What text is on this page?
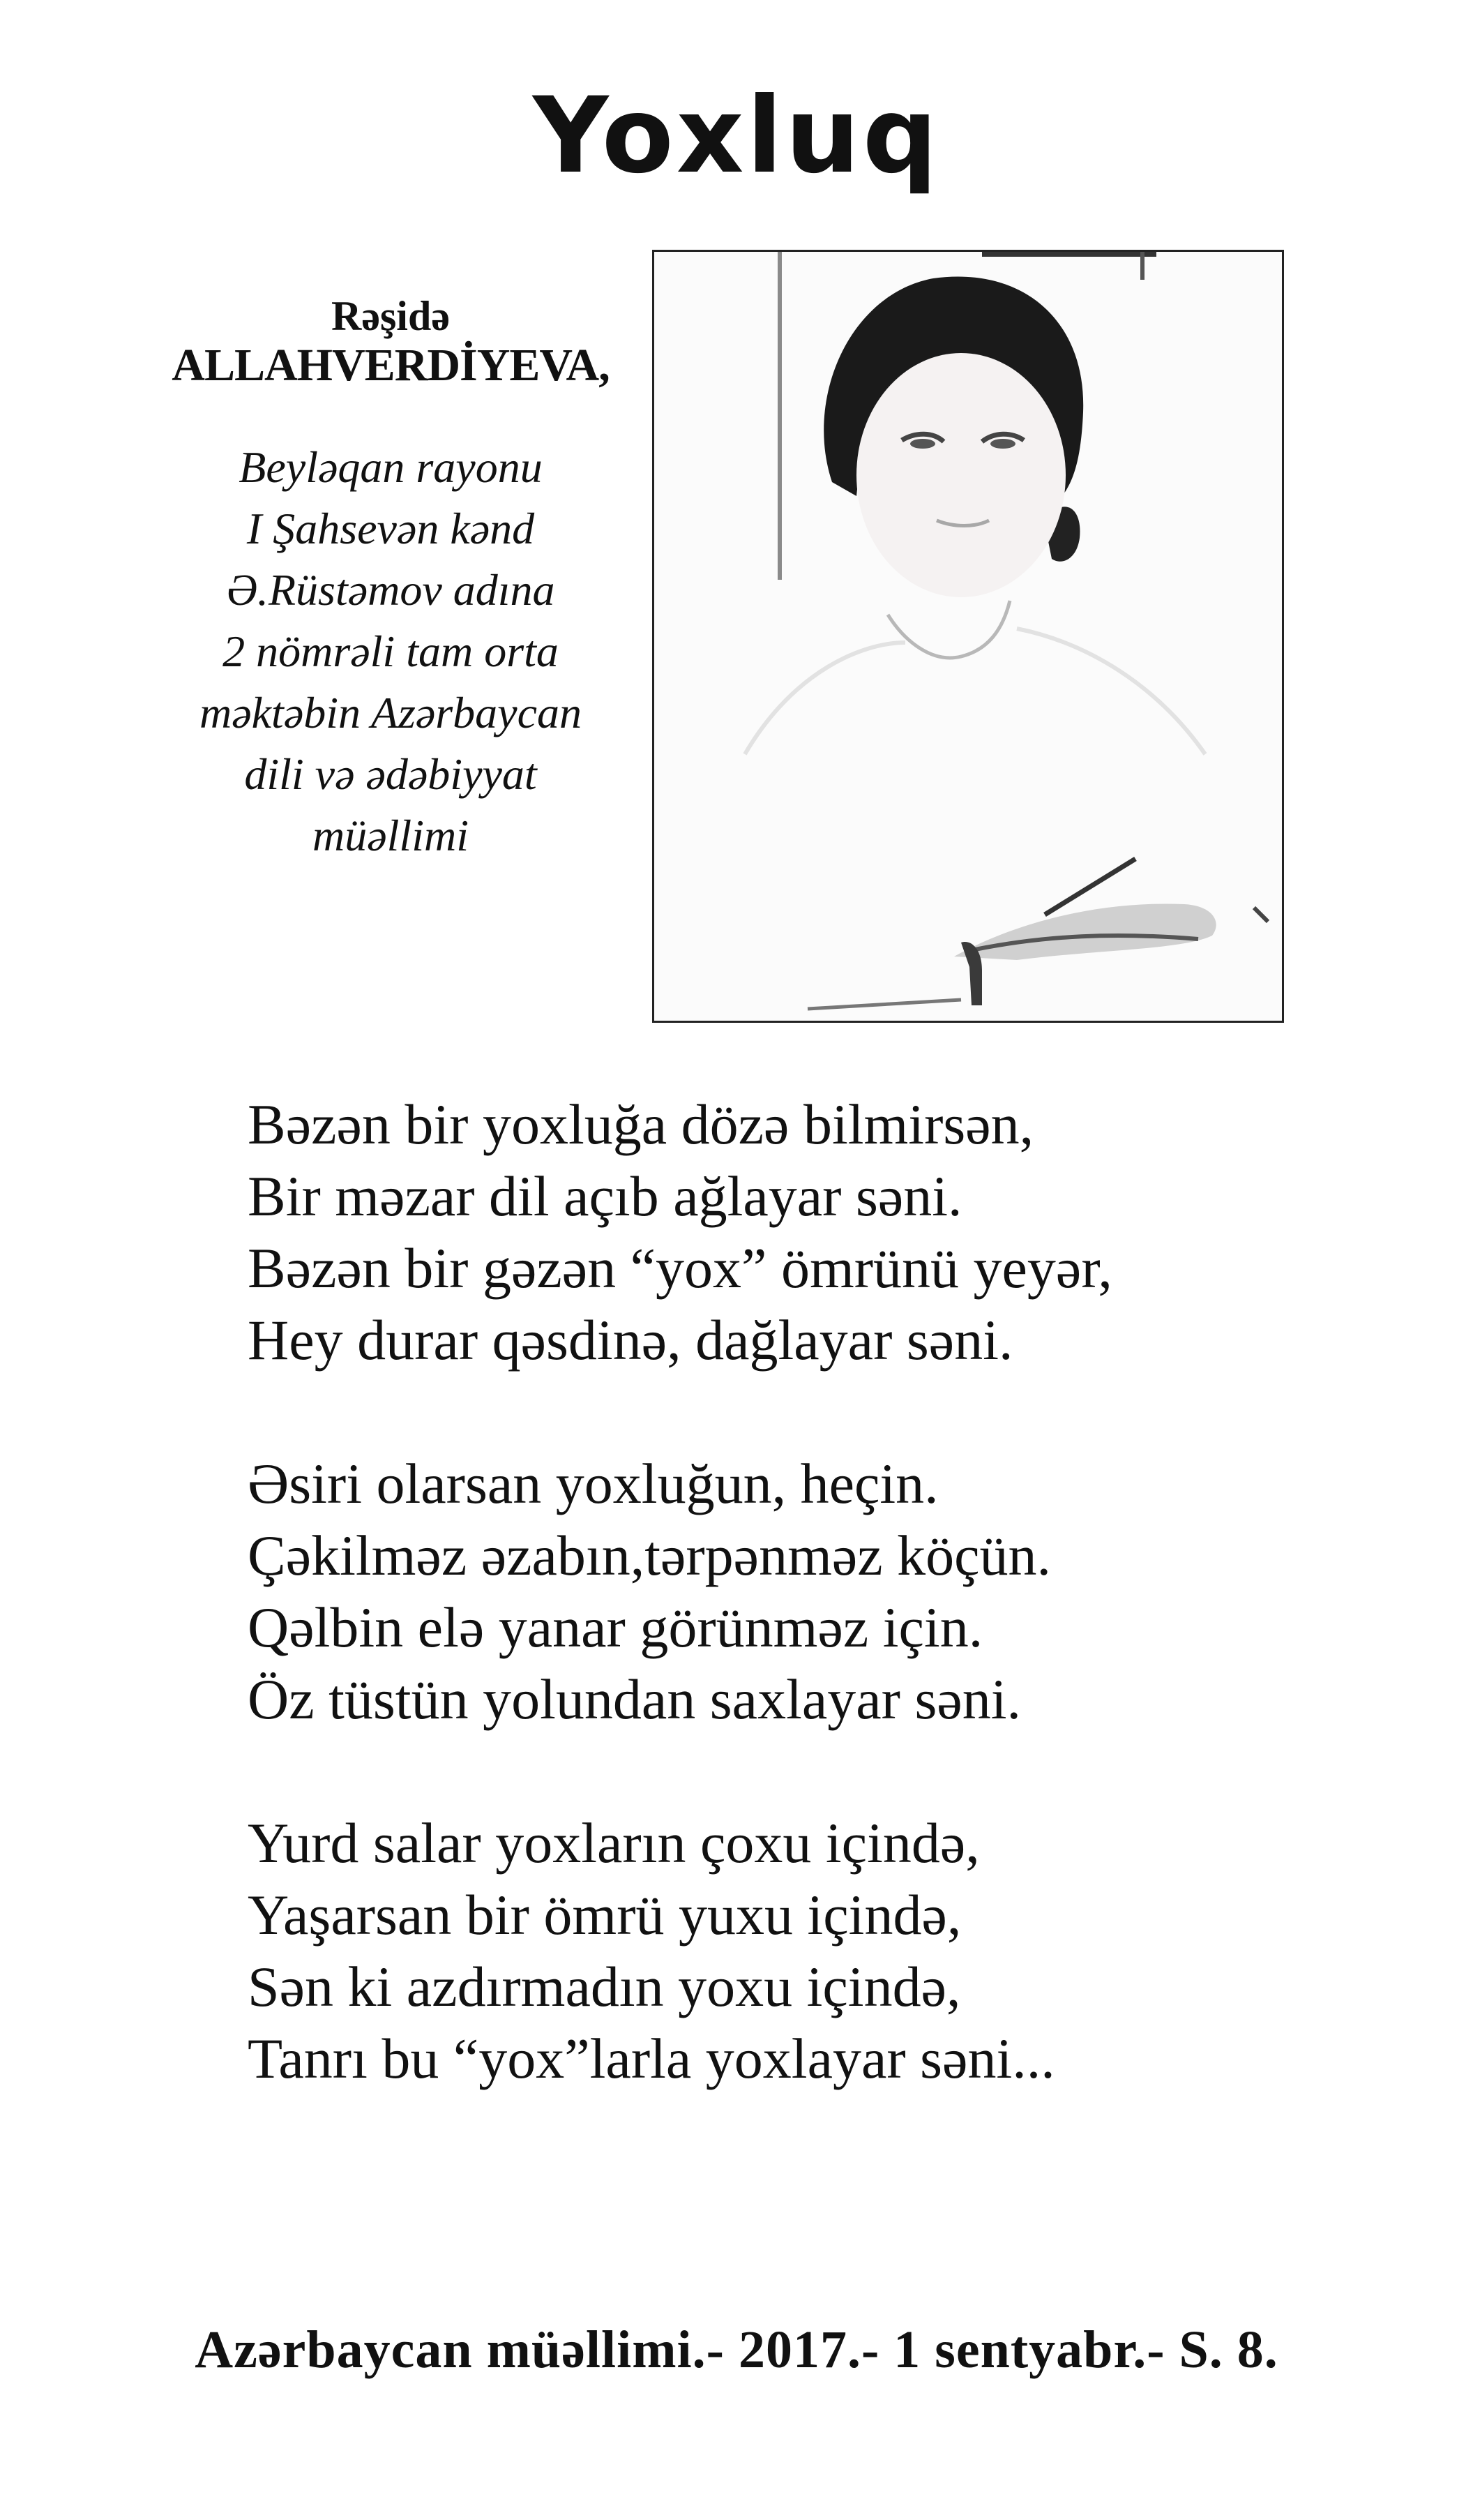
Yoxluq
Rəşidə
ALLAHVERDİYEVA,
Beyləqan rayonu
I Şahsevən kənd
Ə.Rüstəmov adına
2 nömrəli tam orta
məktəbin Azərbaycan
dili və ədəbiyyat
müəllimi
Bəzən bir yoxluğa dözə bilmirsən,
Bir məzar dil açıb ağlayar səni.
Bəzən bir gəzən “yox” ömrünü yeyər,
Hey durar qəsdinə, dağlayar səni.
Əsiri olarsan yoxluğun, heçin.
Çəkilməz əzabın,tərpənməz köçün.
Qəlbin elə yanar görünməz için.
Öz tüstün yolundan saxlayar səni.
Yurd salar yoxların çoxu içində,
Yaşarsan bir ömrü yuxu içində,
Sən ki azdırmadın yoxu içində,
Tanrı bu “yox”larla yoxlayar səni...
Azərbaycan müəllimi.- 2017.- 1 sentyabr.- S. 8.
